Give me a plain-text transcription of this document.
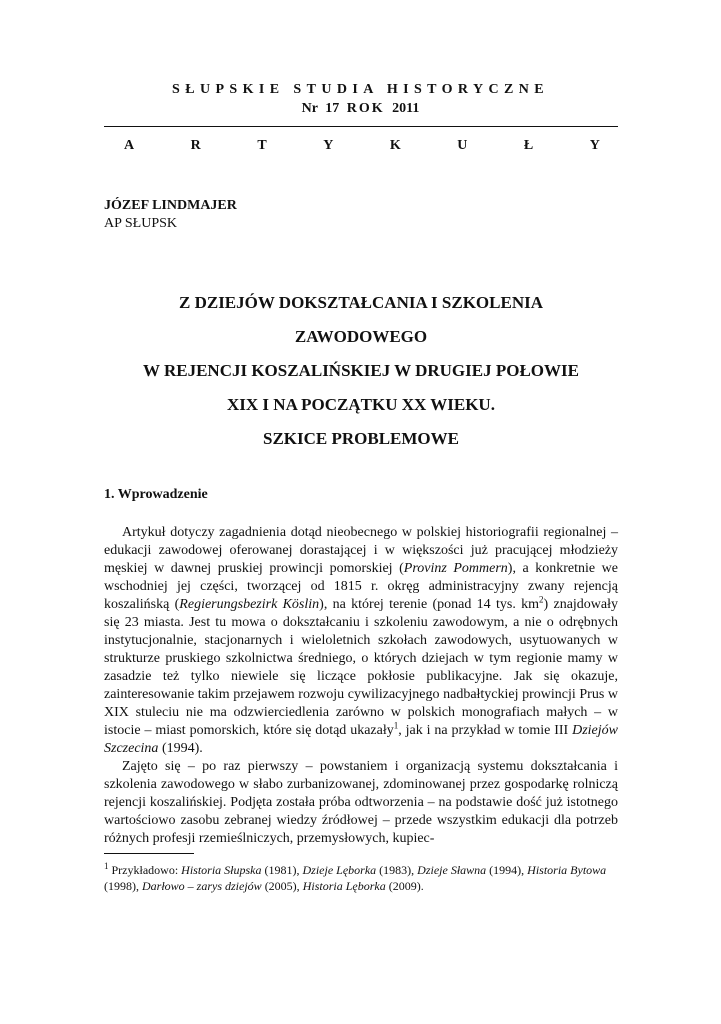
SŁUPSKIE STUDIA HISTORYCZNE
Nr 17 ROK 2011
A	R	T	Y	K	U	Ł	Y
JÓZEF LINDMAJER
AP SŁUPSK
Z DZIEJÓW DOKSZTAŁCANIA I SZKOLENIA
ZAWODOWEGO
W REJENCJI KOSZALIŃSKIEJ W DRUGIEJ POŁOWIE
XIX I NA POCZĄTKU XX WIEKU.
SZKICE PROBLEMOWE
1. Wprowadzenie

Artykuł dotyczy zagadnienia dotąd nieobecnego w polskiej historiografii regionalnej – edukacji zawodowej oferowanej dorastającej i w większości już pracującej młodzieży męskiej w dawnej pruskiej prowincji pomorskiej (Provinz Pommern), a konkretnie we wschodniej jej części, tworzącej od 1815 r. okręg administracyjny zwany rejencją koszalińską (Regierungsbezirk Köslin), na której terenie (ponad 14 tys. $km^2$) znajdowały się 23 miasta. Jest tu mowa o dokształcaniu i szkoleniu zawodowym, a nie o odrębnych instytucjonalnie, stacjonarnych i wieloletnich szkołach zawodowych, usytuowanych w strukturze pruskiego szkolnictwa średniego, o których dziejach w tym regionie mamy w zasadzie też tylko niewiele się liczące pokłosie publikacyjne. Jak się okazuje, zainteresowanie takim przejawem rozwoju cywilizacyjnego nadbałtyckiej prowincji Prus w XIX stuleciu nie ma odzwierciedlenia zarówno w polskich monografiach małych – w istocie – miast pomorskich, które się dotąd ukazały$^1$, jak i na przykład w tomie III Dziejów Szczecina (1994).

Zajęto się – po raz pierwszy – powstaniem i organizacją systemu dokształcania i szkolenia zawodowego w słabo zurbanizowanej, zdominowanej przez gospodarkę rolniczą rejencji koszalińskiej. Podjęta została próba odtworzenia – na podstawie dość już istotnego wartościowo zasobu zebranej wiedzy źródłowej – przede wszystkim edukacji dla potrzeb różnych profesji rzemieślniczych, przemysłowych, kupiec-

$^1$ Przykładowo: Historia Słupska (1981), Dzieje Lęborka (1983), Dzieje Sławna (1994), Historia Bytowa (1998), Darłowo – zarys dziejów (2005), Historia Lęborka (2009).
